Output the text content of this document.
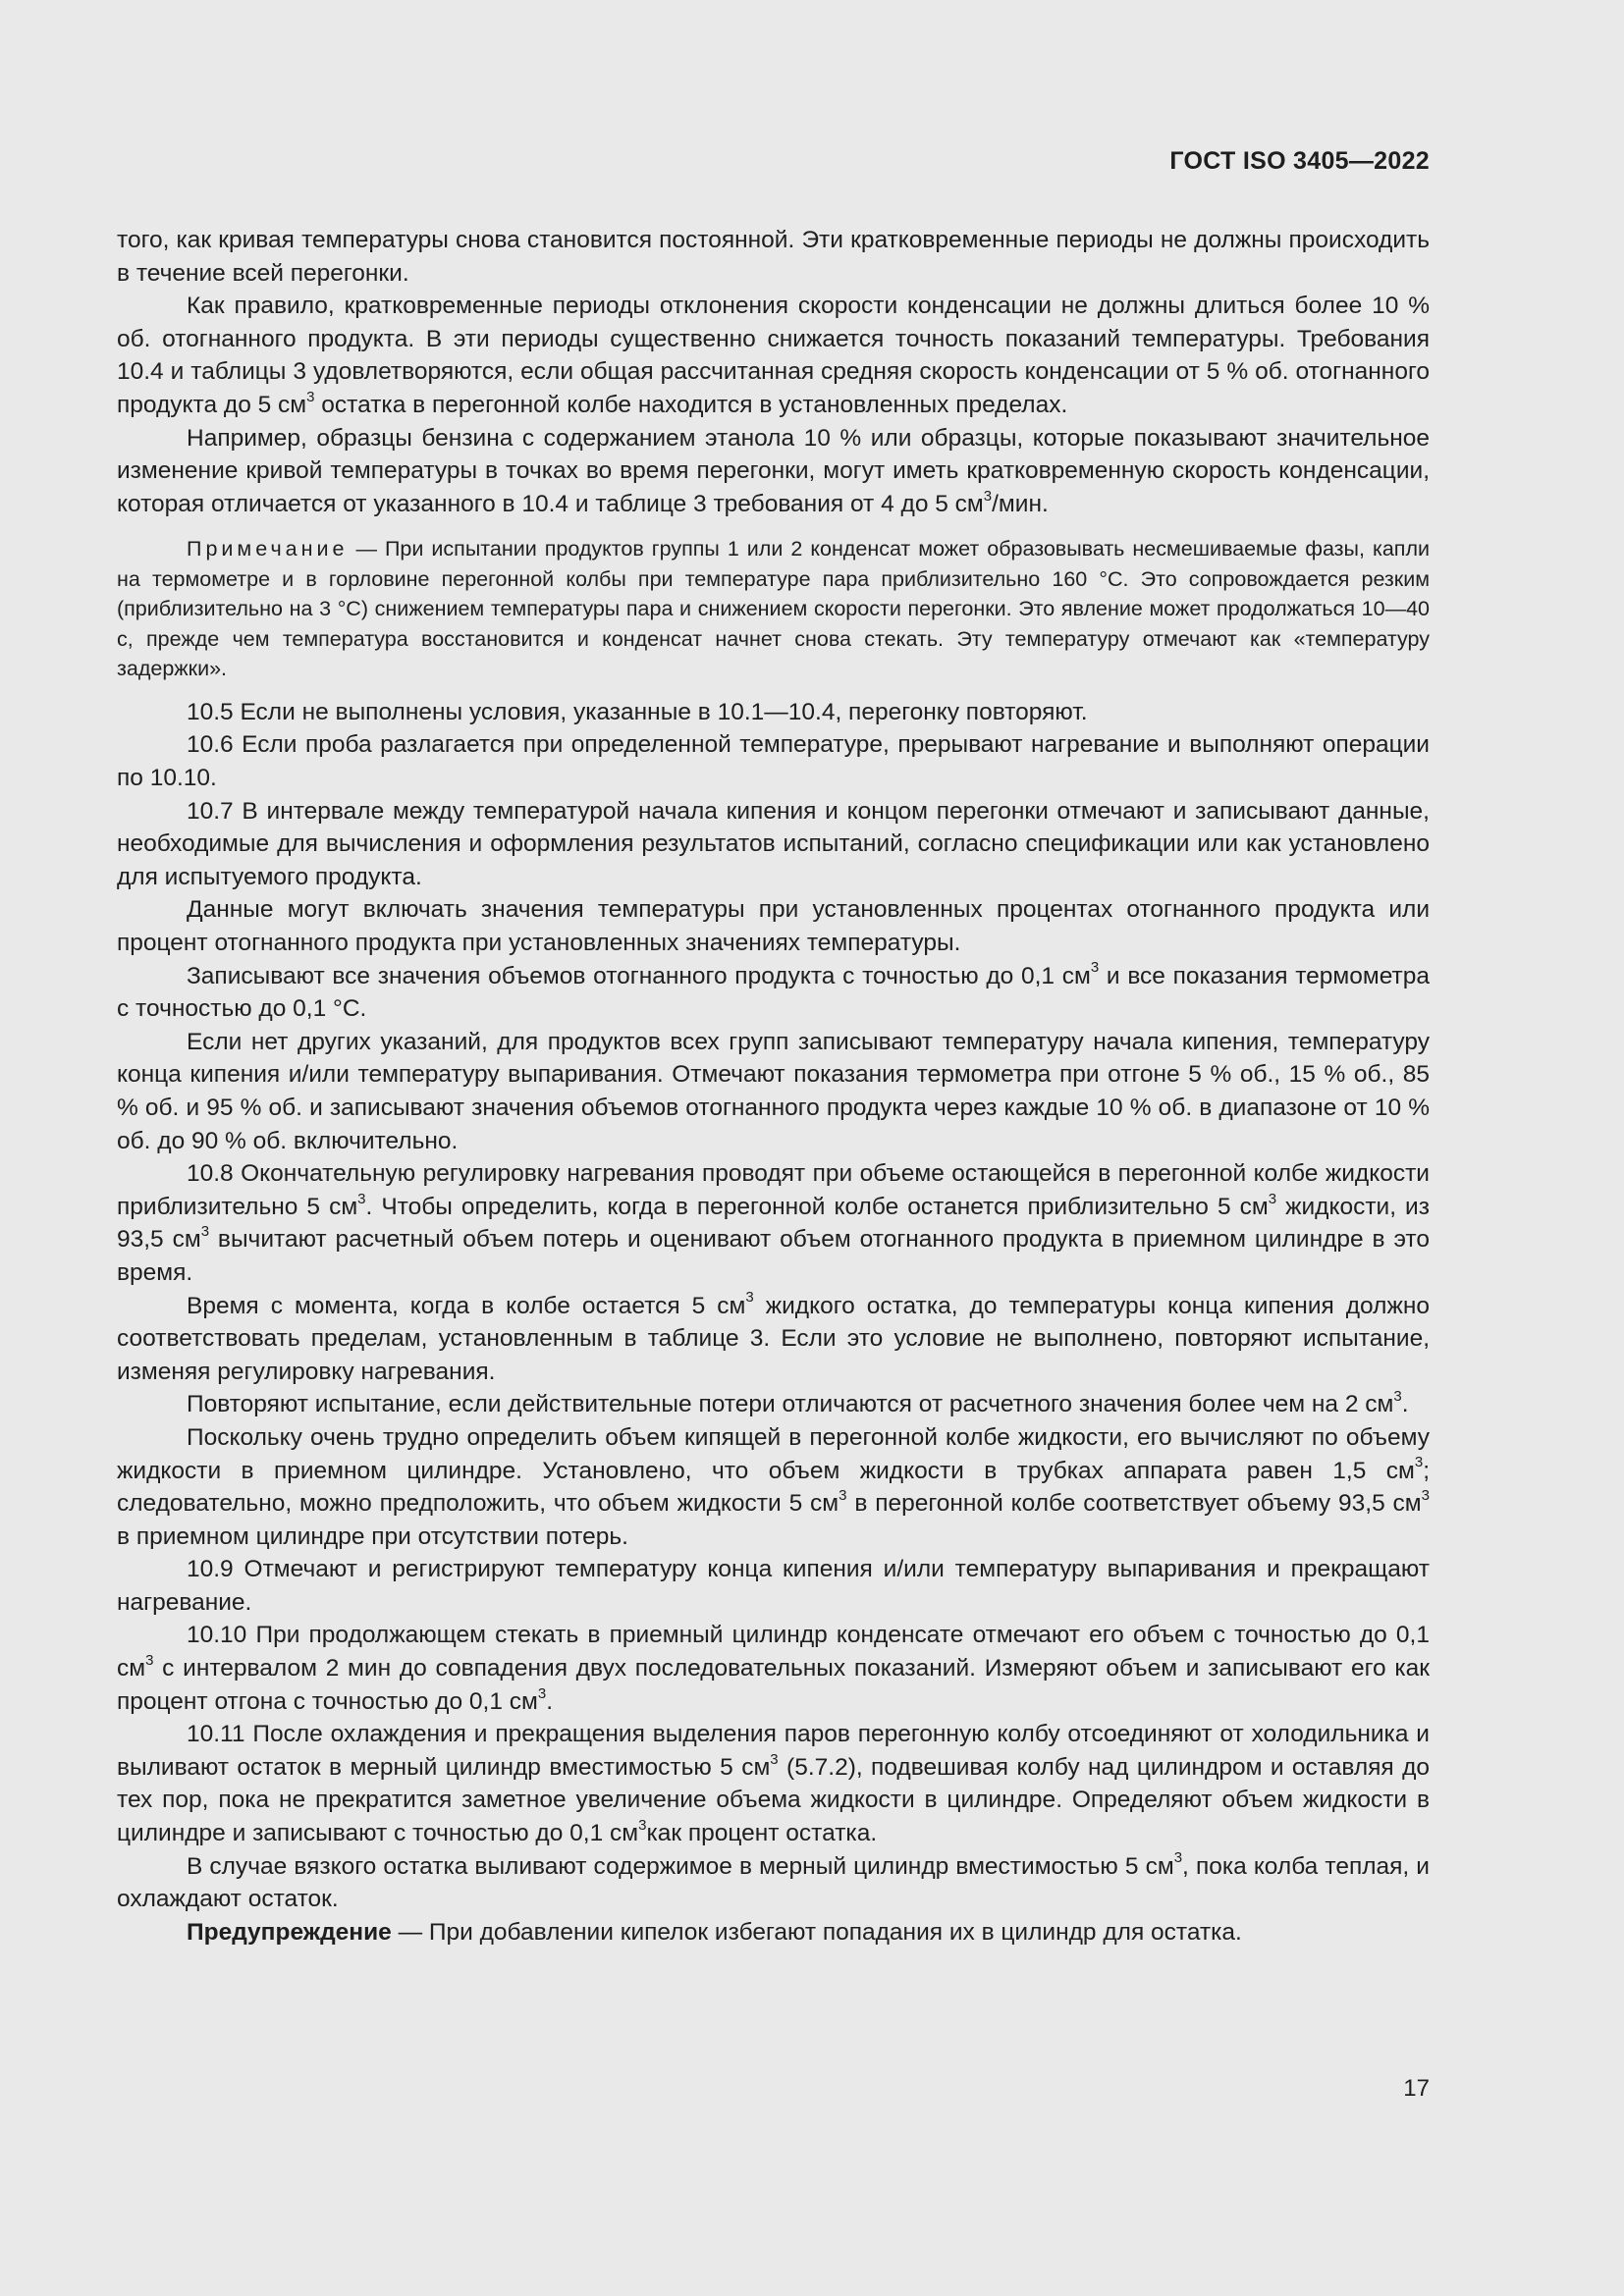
ГОСТ ISO 3405—2022

того, как кривая температуры снова становится постоянной. Эти кратковременные периоды не должны происходить в течение всей перегонки.

Как правило, кратковременные периоды отклонения скорости конденсации не должны длиться более 10 % об. отогнанного продукта. В эти периоды существенно снижается точность показаний температуры. Требования 10.4 и таблицы 3 удовлетворяются, если общая рассчитанная средняя скорость конденсации от 5 % об. отогнанного продукта до 5 $см^3$ остатка в перегонной колбе находится в установленных пределах.

Например, образцы бензина с содержанием этанола 10 % или образцы, которые показывают значительное изменение кривой температуры в точках во время перегонки, могут иметь кратковременную скорость конденсации, которая отличается от указанного в 10.4 и таблице 3 требования от 4 до 5 $см^3$/мин.

Примечание — При испытании продуктов группы 1 или 2 конденсат может образовывать несмешиваемые фазы, капли на термометре и в горловине перегонной колбы при температуре пара приблизительно 160 °С. Это сопровождается резким (приблизительно на 3 °С) снижением температуры пара и снижением скорости перегонки. Это явление может продолжаться 10—40 с, прежде чем температура восстановится и конденсат начнет снова стекать. Эту температуру отмечают как «температуру задержки».

10.5 Если не выполнены условия, указанные в 10.1—10.4, перегонку повторяют.

10.6 Если проба разлагается при определенной температуре, прерывают нагревание и выполняют операции по 10.10.

10.7 В интервале между температурой начала кипения и концом перегонки отмечают и записывают данные, необходимые для вычисления и оформления результатов испытаний, согласно спецификации или как установлено для испытуемого продукта.

Данные могут включать значения температуры при установленных процентах отогнанного продукта или процент отогнанного продукта при установленных значениях температуры.

Записывают все значения объемов отогнанного продукта с точностью до 0,1 $см^3$ и все показания термометра с точностью до 0,1 °С.

Если нет других указаний, для продуктов всех групп записывают температуру начала кипения, температуру конца кипения и/или температуру выпаривания. Отмечают показания термометра при отгоне 5 % об., 15 % об., 85 % об. и 95 % об. и записывают значения объемов отогнанного продукта через каждые 10 % об. в диапазоне от 10 % об. до 90 % об. включительно.

10.8 Окончательную регулировку нагревания проводят при объеме остающейся в перегонной колбе жидкости приблизительно 5 $см^3$. Чтобы определить, когда в перегонной колбе останется приблизительно 5 $см^3$ жидкости, из 93,5 $см^3$ вычитают расчетный объем потерь и оценивают объем отогнанного продукта в приемном цилиндре в это время.

Время с момента, когда в колбе остается 5 $см^3$ жидкого остатка, до температуры конца кипения должно соответствовать пределам, установленным в таблице 3. Если это условие не выполнено, повторяют испытание, изменяя регулировку нагревания.

Повторяют испытание, если действительные потери отличаются от расчетного значения более чем на 2 $см^3$.

Поскольку очень трудно определить объем кипящей в перегонной колбе жидкости, его вычисляют по объему жидкости в приемном цилиндре. Установлено, что объем жидкости в трубках аппарата равен 1,5 $см^3$; следовательно, можно предположить, что объем жидкости 5 $см^3$ в перегонной колбе соответствует объему 93,5 $см^3$ в приемном цилиндре при отсутствии потерь.

10.9 Отмечают и регистрируют температуру конца кипения и/или температуру выпаривания и прекращают нагревание.

10.10 При продолжающем стекать в приемный цилиндр конденсате отмечают его объем с точностью до 0,1 $см^3$ с интервалом 2 мин до совпадения двух последовательных показаний. Измеряют объем и записывают его как процент отгона с точностью до 0,1 $см^3$.

10.11 После охлаждения и прекращения выделения паров перегонную колбу отсоединяют от холодильника и выливают остаток в мерный цилиндр вместимостью 5 $см^3$ (5.7.2), подвешивая колбу над цилиндром и оставляя до тех пор, пока не прекратится заметное увеличение объема жидкости в цилиндре. Определяют объем жидкости в цилиндре и записывают с точностью до 0,1 $см^3как$ процент остатка.

В случае вязкого остатка выливают содержимое в мерный цилиндр вместимостью 5 $см^3$, пока колба теплая, и охлаждают остаток.

Предупреждение — При добавлении кипелок избегают попадания их в цилиндр для остатка.

17
